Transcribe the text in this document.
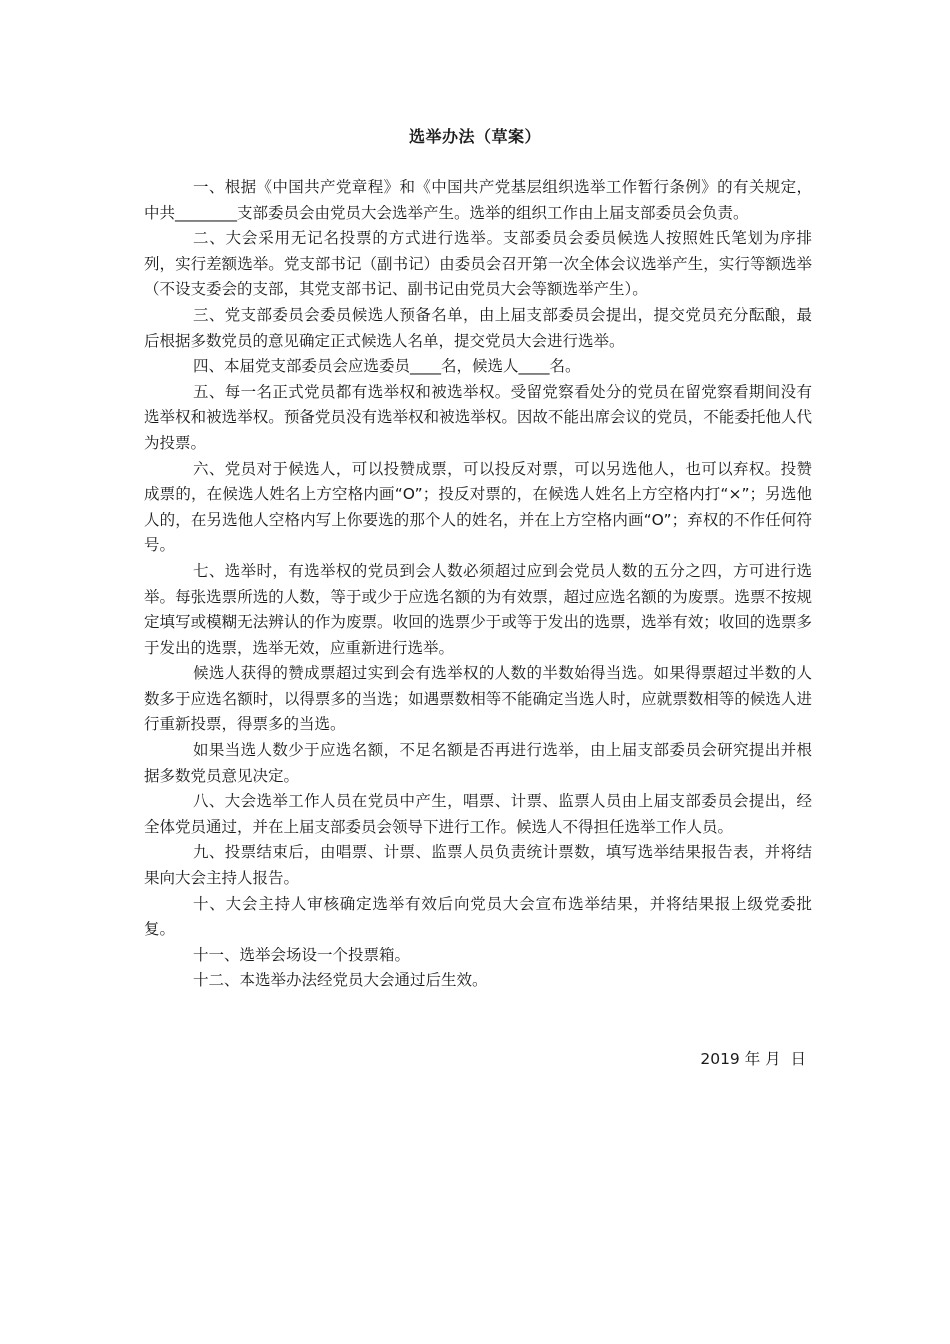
选举办法（草案）

一、根据《中国共产党章程》和《中国共产党基层组织选举工作暂行条例》的有关规定，中共________支部委员会由党员大会选举产生。选举的组织工作由上届支部委员会负责。

二、大会采用无记名投票的方式进行选举。支部委员会委员候选人按照姓氏笔划为序排列，实行差额选举。党支部书记（副书记）由委员会召开第一次全体会议选举产生，实行等额选举（不设支委会的支部，其党支部书记、副书记由党员大会等额选举产生）。

三、党支部委员会委员候选人预备名单，由上届支部委员会提出，提交党员充分酝酿，最后根据多数党员的意见确定正式候选人名单，提交党员大会进行选举。

四、本届党支部委员会应选委员____名，候选人____名。

五、每一名正式党员都有选举权和被选举权。受留党察看处分的党员在留党察看期间没有选举权和被选举权。预备党员没有选举权和被选举权。因故不能出席会议的党员，不能委托他人代为投票。

六、党员对于候选人，可以投赞成票，可以投反对票，可以另选他人，也可以弃权。投赞成票的，在候选人姓名上方空格内画“O”；投反对票的，在候选人姓名上方空格内打“×”；另选他人的，在另选他人空格内写上你要选的那个人的姓名，并在上方空格内画“O”；弃权的不作任何符号。

七、选举时，有选举权的党员到会人数必须超过应到会党员人数的五分之四，方可进行选举。每张选票所选的人数，等于或少于应选名额的为有效票，超过应选名额的为废票。选票不按规定填写或模糊无法辨认的作为废票。收回的选票少于或等于发出的选票，选举有效；收回的选票多于发出的选票，选举无效，应重新进行选举。

候选人获得的赞成票超过实到会有选举权的人数的半数始得当选。如果得票超过半数的人数多于应选名额时，以得票多的当选；如遇票数相等不能确定当选人时，应就票数相等的候选人进行重新投票，得票多的当选。

如果当选人数少于应选名额，不足名额是否再进行选举，由上届支部委员会研究提出并根据多数党员意见决定。

八、大会选举工作人员在党员中产生，唱票、计票、监票人员由上届支部委员会提出，经全体党员通过，并在上届支部委员会领导下进行工作。候选人不得担任选举工作人员。

九、投票结束后，由唱票、计票、监票人员负责统计票数，填写选举结果报告表，并将结果向大会主持人报告。

十、大会主持人审核确定选举有效后向党员大会宣布选举结果，并将结果报上级党委批复。

十一、选举会场设一个投票箱。

十二、本选举办法经党员大会通过后生效。

2019 年 月  日
